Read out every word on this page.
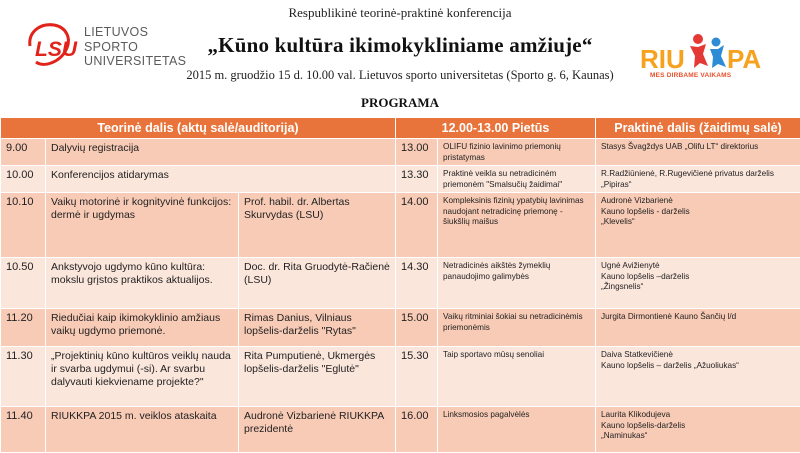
LSU
LIETUVOS
SPORTO
UNIVERSITETAS
Respublikinė teorinė-praktinė konferencija
„Kūno kultūra ikimokykliniame amžiuje“
2015 m. gruodžio 15 d. 10.00 val. Lietuvos sporto universitetas (Sporto g. 6, Kaunas)
PROGRAMA
RIU PA
MES DIRBAME VAIKAMS
Teorinė dalis (aktų salė/auditorija)			12.00-13.00 Pietūs		Praktinė dalis (žaidimų salė)
9.00	Dalyvių registracija		13.00	OLIFU fizinio lavinimo priemonių pristatymas	Stasys Švagždys UAB „Olifu LT“ direktorius
10.00	Konferencijos atidarymas		13.30	Praktinė veikla su netradicinėm priemonėm "Smalsučių žaidimai"	R.Radžiūnienė, R.Rugevičienė privatus darželis „Pipiras“
10.10	Vaikų motorinė ir kognityvinė funkcijos: dermė ir ugdymas	Prof. habil. dr. Albertas Skurvydas (LSU)	14.00	Kompleksinis fizinių ypatybių lavinimas naudojant netradicinę priemonę - šiukšlių maišus	Audronė Vizbarienė
Kauno lopšelis - darželis
„Klevelis“
10.50	Ankstyvojo ugdymo kūno kultūra: mokslu grįstos praktikos aktualijos.	Doc. dr. Rita Gruodytė-Račienė (LSU)	14.30	Netradicinės aikštės žymeklių panaudojimo galimybės	Ugnė Avižienytė
Kauno lopšelis –darželis
„Žingsnelis“
11.20	Riedučiai kaip ikimokyklinio amžiaus vaikų ugdymo priemonė.	Rimas Danius, Vilniaus lopšelis-darželis "Rytas"	15.00	Vaikų ritminiai šokiai su netradicinėmis priemonėmis	Jurgita Dirmontienė Kauno Šančių l/d
11.30	„Projektinių kūno kultūros veiklų nauda ir svarba ugdymui (-si). Ar svarbu dalyvauti kiekviename projekte?"	Rita Pumputienė, Ukmergės lopšelis-darželis "Eglutė"	15.30	Taip sportavo mūsų senoliai	Daiva Statkevičienė
Kauno lopšelis – darželis „Ažuoliukas“
11.40	RIUKKPA 2015 m. veiklos ataskaita	Audronė Vizbarienė RIUKKPA prezidentė	16.00	Linksmosios pagalvėlės	Laurita Klikodujeva
Kauno lopšelis-darželis
„Naminukas“
